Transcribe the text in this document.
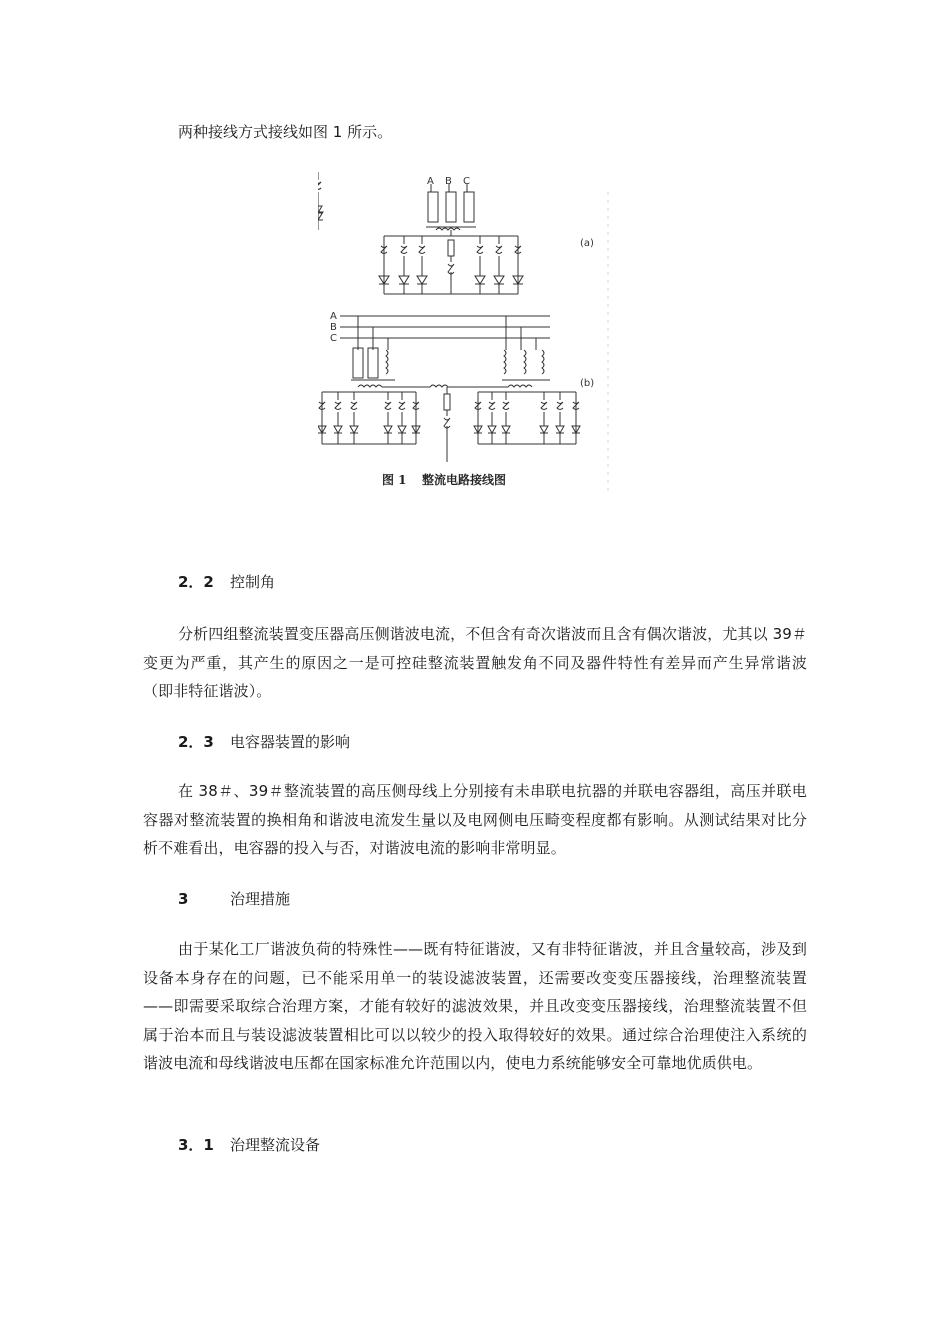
两种接线方式接线如图 1 所示。
A B C
(a)
A
B
C
(b)
图 1 整流电路接线图
2．2 控制角

分析四组整流装置变压器高压侧谐波电流，不但含有奇次谐波而且含有偶次谐波，尤其以 39＃变更为严重，其产生的原因之一是可控硅整流装置触发角不同及器件特性有差异而产生异常谐波（即非特征谐波）。

2．3 电容器装置的影响

在 38＃、39＃整流装置的高压侧母线上分别接有未串联电抗器的并联电容器组，高压并联电容器对整流装置的换相角和谐波电流发生量以及电网侧电压畸变程度都有影响。从测试结果对比分析不难看出，电容器的投入与否，对谐波电流的影响非常明显。

3	治理措施

由于某化工厂谐波负荷的特殊性——既有特征谐波，又有非特征谐波，并且含量较高，涉及到设备本身存在的问题，已不能采用单一的装设滤波装置，还需要改变变压器接线，治理整流装置——即需要采取综合治理方案，才能有较好的滤波效果，并且改变变压器接线，治理整流装置不但属于治本而且与装设滤波装置相比可以以较少的投入取得较好的效果。通过综合治理使注入系统的谐波电流和母线谐波电压都在国家标准允许范围以内，使电力系统能够安全可靠地优质供电。

3．1 治理整流设备
